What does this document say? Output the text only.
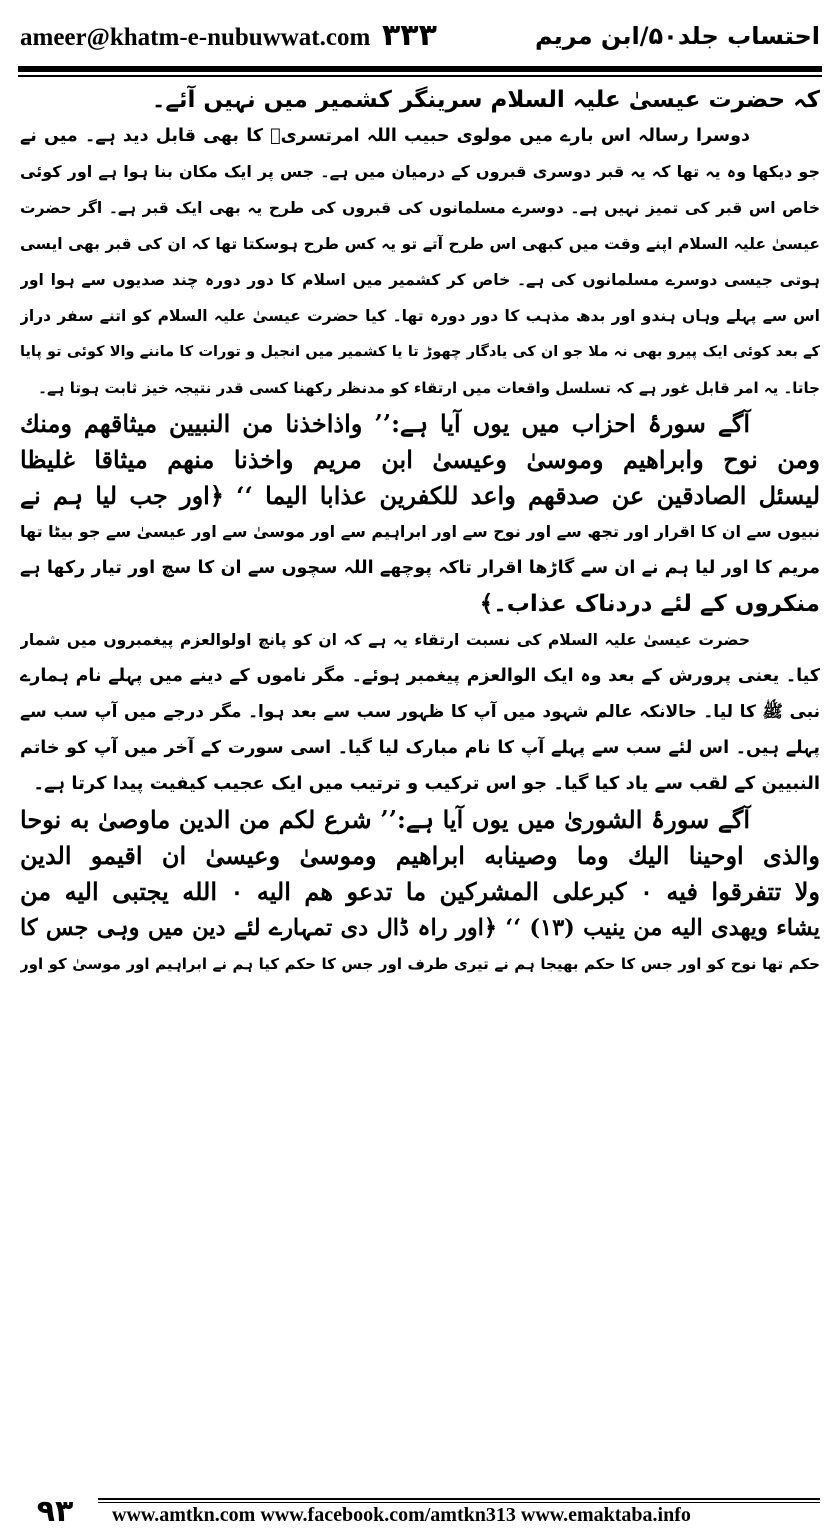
ameer@khatm-e-nubuwwat.com ۳۳۳	احتساب جلد۵۰/ابن مریم
کہ حضرت عیسیٰ علیہ السلام سرینگر کشمیر میں نہیں آئے۔
دوسرا رسالہ اس بارے میں مولوی حبیب اللہ امرتسریؒ کا بھی قابل دید ہے۔ میں نے
جو دیکھا وہ یہ تھا کہ یہ قبر دوسری قبروں کے درمیان میں ہے۔ جس پر ایک مکان بنا ہوا ہے اور کوئی
خاص اس قبر کی تمیز نہیں ہے۔ دوسرے مسلمانوں کی قبروں کی طرح یہ بھی ایک قبر ہے۔ اگر حضرت
عیسیٰ علیہ السلام اپنے وقت میں کبھی اس طرح آتے تو یہ کس طرح ہوسکتا تھا کہ ان کی قبر بھی ایسی
ہوتی جیسی دوسرے مسلمانوں کی ہے۔ خاص کر کشمیر میں اسلام کا دور دورہ چند صدیوں سے ہوا اور
اس سے پہلے وہاں ہندو اور بدھ مذہب کا دور دورہ تھا۔ کیا حضرت عیسیٰ علیہ السلام کو اتنے سفر دراز
کے بعد کوئی ایک پیرو بھی نہ ملا جو ان کی یادگار چھوڑ تا یا کشمیر میں انجیل و تورات کا ماننے والا کوئی تو پایا
جاتا۔ یہ امر قابل غور ہے کہ تسلسل واقعات میں ارتقاء کو مدنظر رکھنا کسی قدر نتیجہ خیز ثابت ہوتا ہے۔
آگے سورۂ احزاب میں یوں آیا ہے:’’ واذاخذنا من النبيين ميثاقهم ومنك
ومن نوح وابراهيم وموسىٰ وعيسىٰ ابن مريم واخذنا منهم ميثاقا غليظا
ليسئل الصادقين عن صدقهم واعد للكفرين عذابا اليما ‘‘ ﴿اور جب لیا ہم نے
نبیوں سے ان کا اقرار اور تجھ سے اور نوح سے اور ابراہیم سے اور موسیٰ سے اور عیسیٰ سے جو بیٹا تھا
مریم کا اور لیا ہم نے ان سے گاڑھا اقرار تاکہ پوچھے اللہ سچوں سے ان کا سچ اور تیار رکھا ہے
منکروں کے لئے دردناک عذاب۔﴾
حضرت عیسیٰ علیہ السلام کی نسبت ارتقاء یہ ہے کہ ان کو پانچ اولوالعزم پیغمبروں میں شمار
کیا۔ یعنی پرورش کے بعد وہ ایک الوالعزم پیغمبر ہوئے۔ مگر ناموں کے دینے میں پہلے نام ہمارے
نبی ﷺ کا لیا۔ حالانکہ عالم شہود میں آپ کا ظہور سب سے بعد ہوا۔ مگر درجے میں آپ سب سے
پہلے ہیں۔ اس لئے سب سے پہلے آپ کا نام مبارک لیا گیا۔ اسی سورت کے آخر میں آپ کو خاتم
النبیین کے لقب سے یاد کیا گیا۔ جو اس ترکیب و ترتیب میں ایک عجیب کیفیت پیدا کرتا ہے۔
آگے سورۂ الشوریٰ میں یوں آیا ہے:’’ شرع لكم من الدين ماوصىٰ به نوحا
والذى اوحينا اليك وما وصينابه ابراهيم وموسىٰ وعيسىٰ ان اقيمو الدين
ولا تتفرقوا فيه ٠ كبرعلى المشركين ما تدعو هم اليه ٠ الله يجتبى اليه من
يشاء ويهدى اليه من ينيب (١٣) ‘‘ ﴿اور راہ ڈال دی تمہارے لئے دین میں وہی جس کا
حکم تھا نوح کو اور جس کا حکم بھیجا ہم نے تیری طرف اور جس کا حکم کیا ہم نے ابراہیم اور موسیٰ کو اور
۹۳	www.amtkn.com www.facebook.com/amtkn313 www.emaktaba.info
